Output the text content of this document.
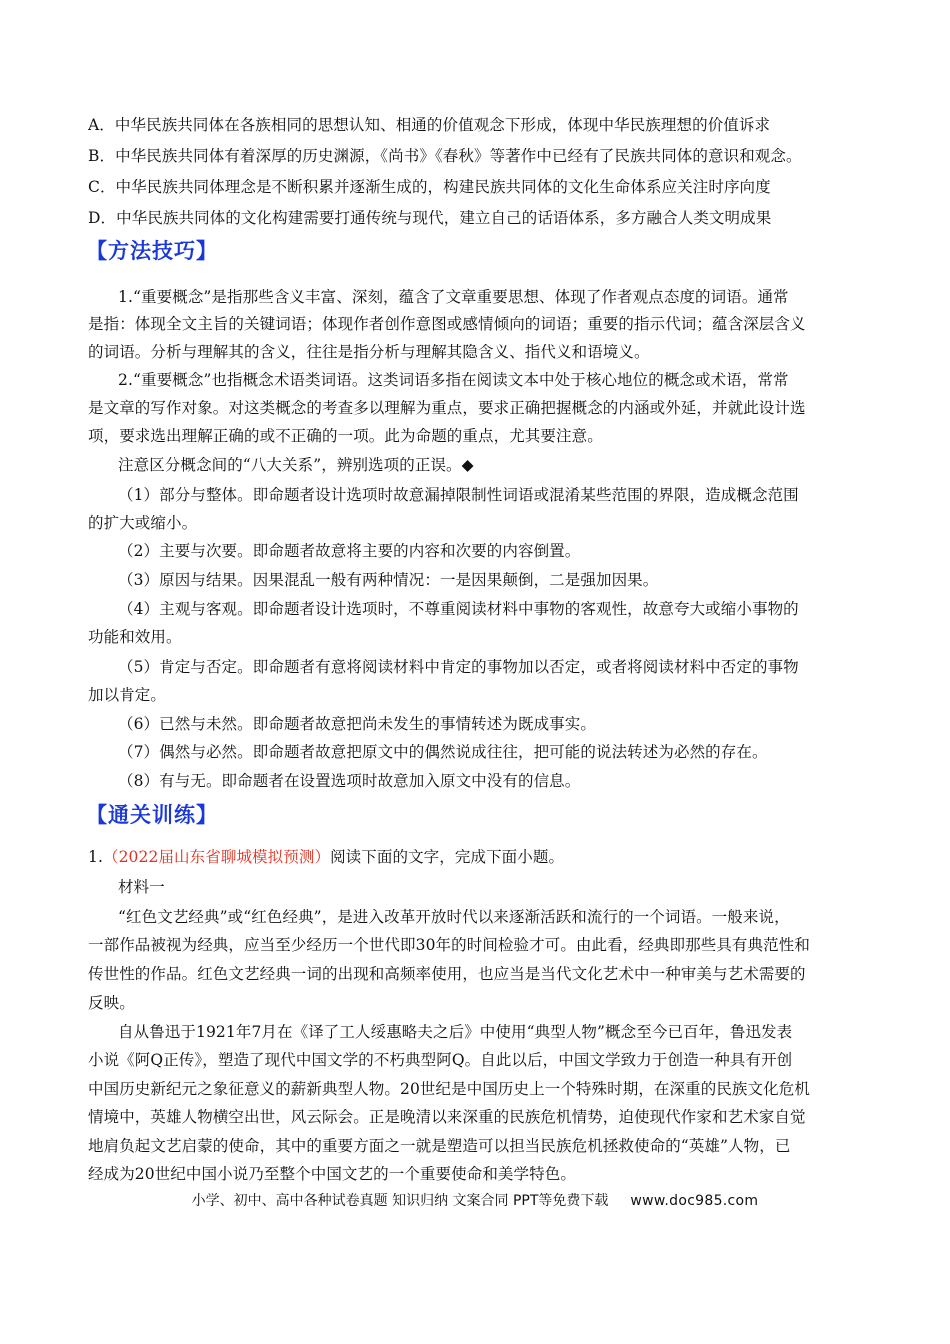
A．中华民族共同体在各族相同的思想认知、相通的价值观念下形成，体现中华民族理想的价值诉求
B．中华民族共同体有着深厚的历史渊源，《尚书》《春秋》等著作中已经有了民族共同体的意识和观念。
C．中华民族共同体理念是不断积累并逐渐生成的，构建民族共同体的文化生命体系应关注时序向度
D．中华民族共同体的文化构建需要打通传统与现代，建立自己的话语体系，多方融合人类文明成果
【方法技巧】
1.“重要概念”是指那些含义丰富、深刻，蕴含了文章重要思想、体现了作者观点态度的词语。通常
是指：体现全文主旨的关键词语；体现作者创作意图或感情倾向的词语；重要的指示代词；蕴含深层含义
的词语。分析与理解其的含义，往往是指分析与理解其隐含义、指代义和语境义。
2.“重要概念”也指概念术语类词语。这类词语多指在阅读文本中处于核心地位的概念或术语，常常
是文章的写作对象。对这类概念的考查多以理解为重点，要求正确把握概念的内涵或外延，并就此设计选
项，要求选出理解正确的或不正确的一项。此为命题的重点，尤其要注意。
注意区分概念间的“八大关系”，辨别选项的正误。◆
（1）部分与整体。即命题者设计选项时故意漏掉限制性词语或混淆某些范围的界限，造成概念范围
的扩大或缩小。
（2）主要与次要。即命题者故意将主要的内容和次要的内容倒置。
（3）原因与结果。因果混乱一般有两种情况：一是因果颠倒，二是强加因果。
（4）主观与客观。即命题者设计选项时，不尊重阅读材料中事物的客观性，故意夸大或缩小事物的
功能和效用。
（5）肯定与否定。即命题者有意将阅读材料中肯定的事物加以否定，或者将阅读材料中否定的事物
加以肯定。
（6）已然与未然。即命题者故意把尚未发生的事情转述为既成事实。
（7）偶然与必然。即命题者故意把原文中的偶然说成往往，把可能的说法转述为必然的存在。
（8）有与无。即命题者在设置选项时故意加入原文中没有的信息。
【通关训练】
1.（2022届山东省聊城模拟预测）阅读下面的文字，完成下面小题。
材料一
“红色文艺经典”或“红色经典”，是进入改革开放时代以来逐渐活跃和流行的一个词语。一般来说，
一部作品被视为经典，应当至少经历一个世代即30年的时间检验才可。由此看，经典即那些具有典范性和
传世性的作品。红色文艺经典一词的出现和高频率使用，也应当是当代文化艺术中一种审美与艺术需要的
反映。
自从鲁迅于1921年7月在《译了工人绥惠略夫之后》中使用“典型人物”概念至今已百年，鲁迅发表
小说《阿Q正传》，塑造了现代中国文学的不朽典型阿Q。自此以后，中国文学致力于创造一种具有开创
中国历史新纪元之象征意义的薪新典型人物。20世纪是中国历史上一个特殊时期，在深重的民族文化危机
情境中，英雄人物横空出世，风云际会。正是晚清以来深重的民族危机情势，迫使现代作家和艺术家自觉
地肩负起文艺启蒙的使命，其中的重要方面之一就是塑造可以担当民族危机拯救使命的“英雄”人物，已
经成为20世纪中国小说乃至整个中国文艺的一个重要使命和美学特色。
小学、初中、高中各种试卷真题 知识归纳 文案合同 PPT等免费下载 www.doc985.com
